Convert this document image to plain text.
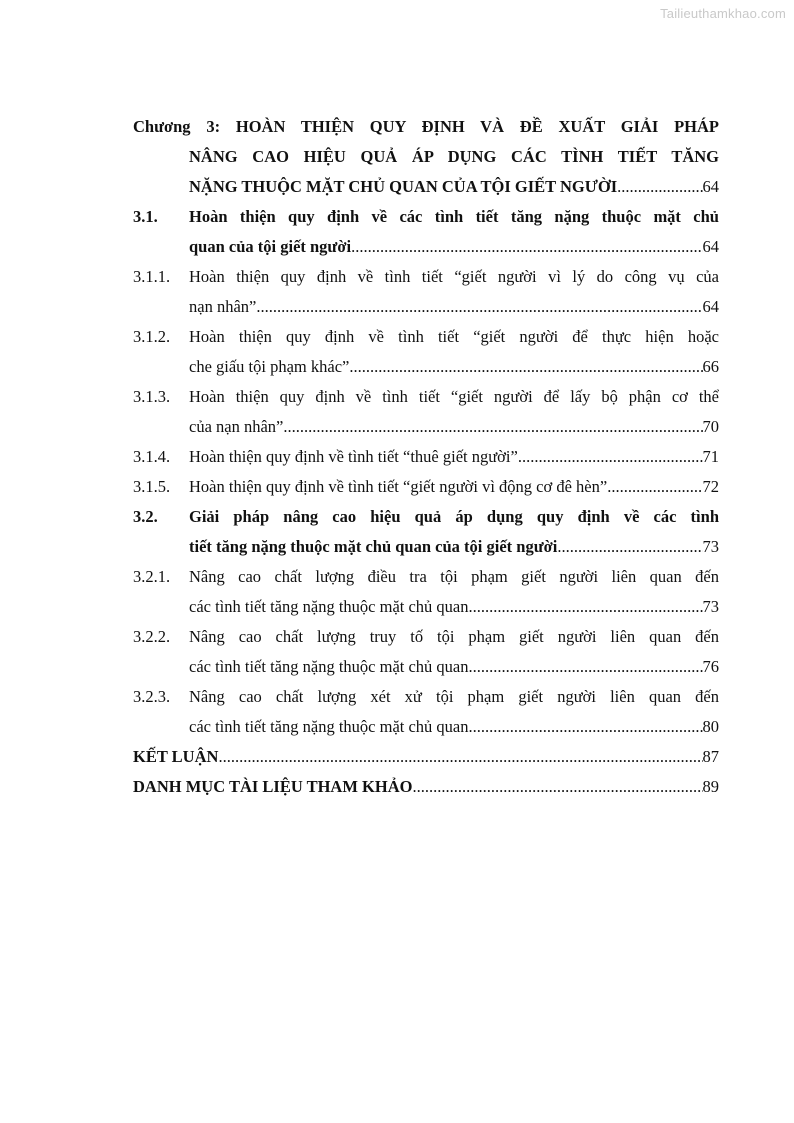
Tailieuthamkhao.com
Chương 3: HOÀN THIỆN QUY ĐỊNH VÀ ĐỀ XUẤT GIẢI PHÁP
NÂNG CAO HIỆU QUẢ ÁP DỤNG CÁC TÌNH TIẾT TĂNG
NẶNG THUỘC MẶT CHỦ QUAN CỦA TỘI GIẾT NGƯỜI .....	64
3.1.	Hoàn thiện quy định về các tình tiết tăng nặng thuộc mặt chủ
quan của tội giết người .....	64
3.1.1.	Hoàn thiện quy định về tình tiết “giết người vì lý do công vụ của
nạn nhân” .....	64
3.1.2.	Hoàn thiện quy định về tình tiết “giết người để thực hiện hoặc
che giấu tội phạm khác” .....	66
3.1.3.	Hoàn thiện quy định về tình tiết “giết người để lấy bộ phận cơ thể
của nạn nhân” .....	70
3.1.4.	Hoàn thiện quy định về tình tiết “thuê giết người” .....	71
3.1.5.	Hoàn thiện quy định về tình tiết “giết người vì động cơ đê hèn” .....	72
3.2.	Giải pháp nâng cao hiệu quả áp dụng quy định về các tình
tiết tăng nặng thuộc mặt chủ quan của tội giết người .....	73
3.2.1.	Nâng cao chất lượng điều tra tội phạm giết người liên quan đến
các tình tiết tăng nặng thuộc mặt chủ quan .....	73
3.2.2.	Nâng cao chất lượng truy tố tội phạm giết người liên quan đến
các tình tiết tăng nặng thuộc mặt chủ quan .....	76
3.2.3.	Nâng cao chất lượng xét xử tội phạm giết người liên quan đến
các tình tiết tăng nặng thuộc mặt chủ quan .....	80
KẾT LUẬN .....	87
DANH MỤC TÀI LIỆU THAM KHẢO .....	89
